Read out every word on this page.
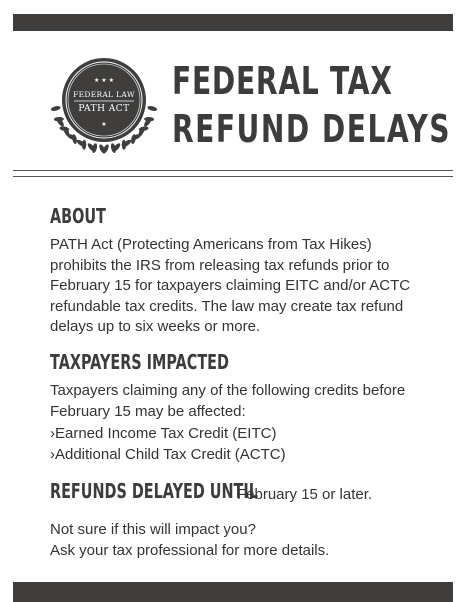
FEDERAL LAW
PATH ACT
★ ★ ★
★
FEDERAL TAX
REFUND DELAYS
ABOUT

PATH Act (Protecting Americans from Tax Hikes)

prohibits the IRS from releasing tax refunds prior to

February 15 for taxpayers claiming EITC and/or ACTC

refundable tax credits. The law may create tax refund

delays up to six weeks or more.

TAXPAYERS IMPACTED

Taxpayers claiming any of the following credits before

February 15 may be affected:

›Earned Income Tax Credit (EITC)

›Additional Child Tax Credit (ACTC)

REFUNDS DELAYED UNTIL
February 15 or later.

Not sure if this will impact you?

Ask your tax professional for more details.
